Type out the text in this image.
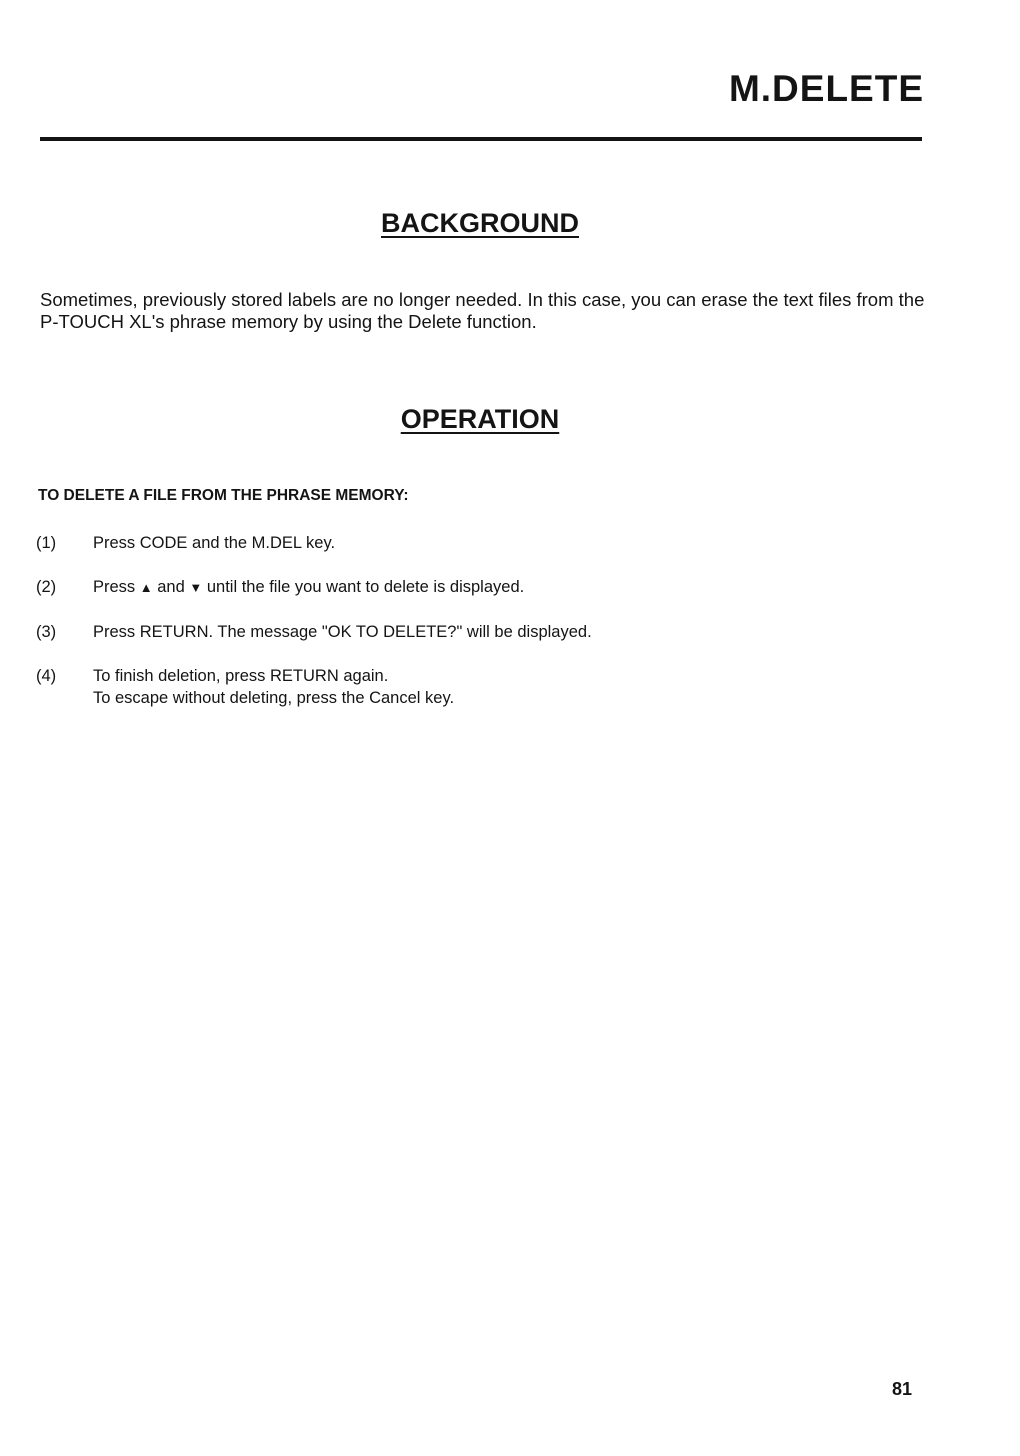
M.DELETE
BACKGROUND

Sometimes, previously stored labels are no longer needed. In this case, you can erase the text files from the P-TOUCH XL's phrase memory by using the Delete function.

OPERATION
TO DELETE A FILE FROM THE PHRASE MEMORY:
(1)	Press CODE and the M.DEL key.
(2)	Press ▲ and ▼ until the file you want to delete is displayed.
(3)	Press RETURN. The message "OK TO DELETE?" will be displayed.
(4)	To finish deletion, press RETURN again.
To escape without deleting, press the Cancel key.
81
